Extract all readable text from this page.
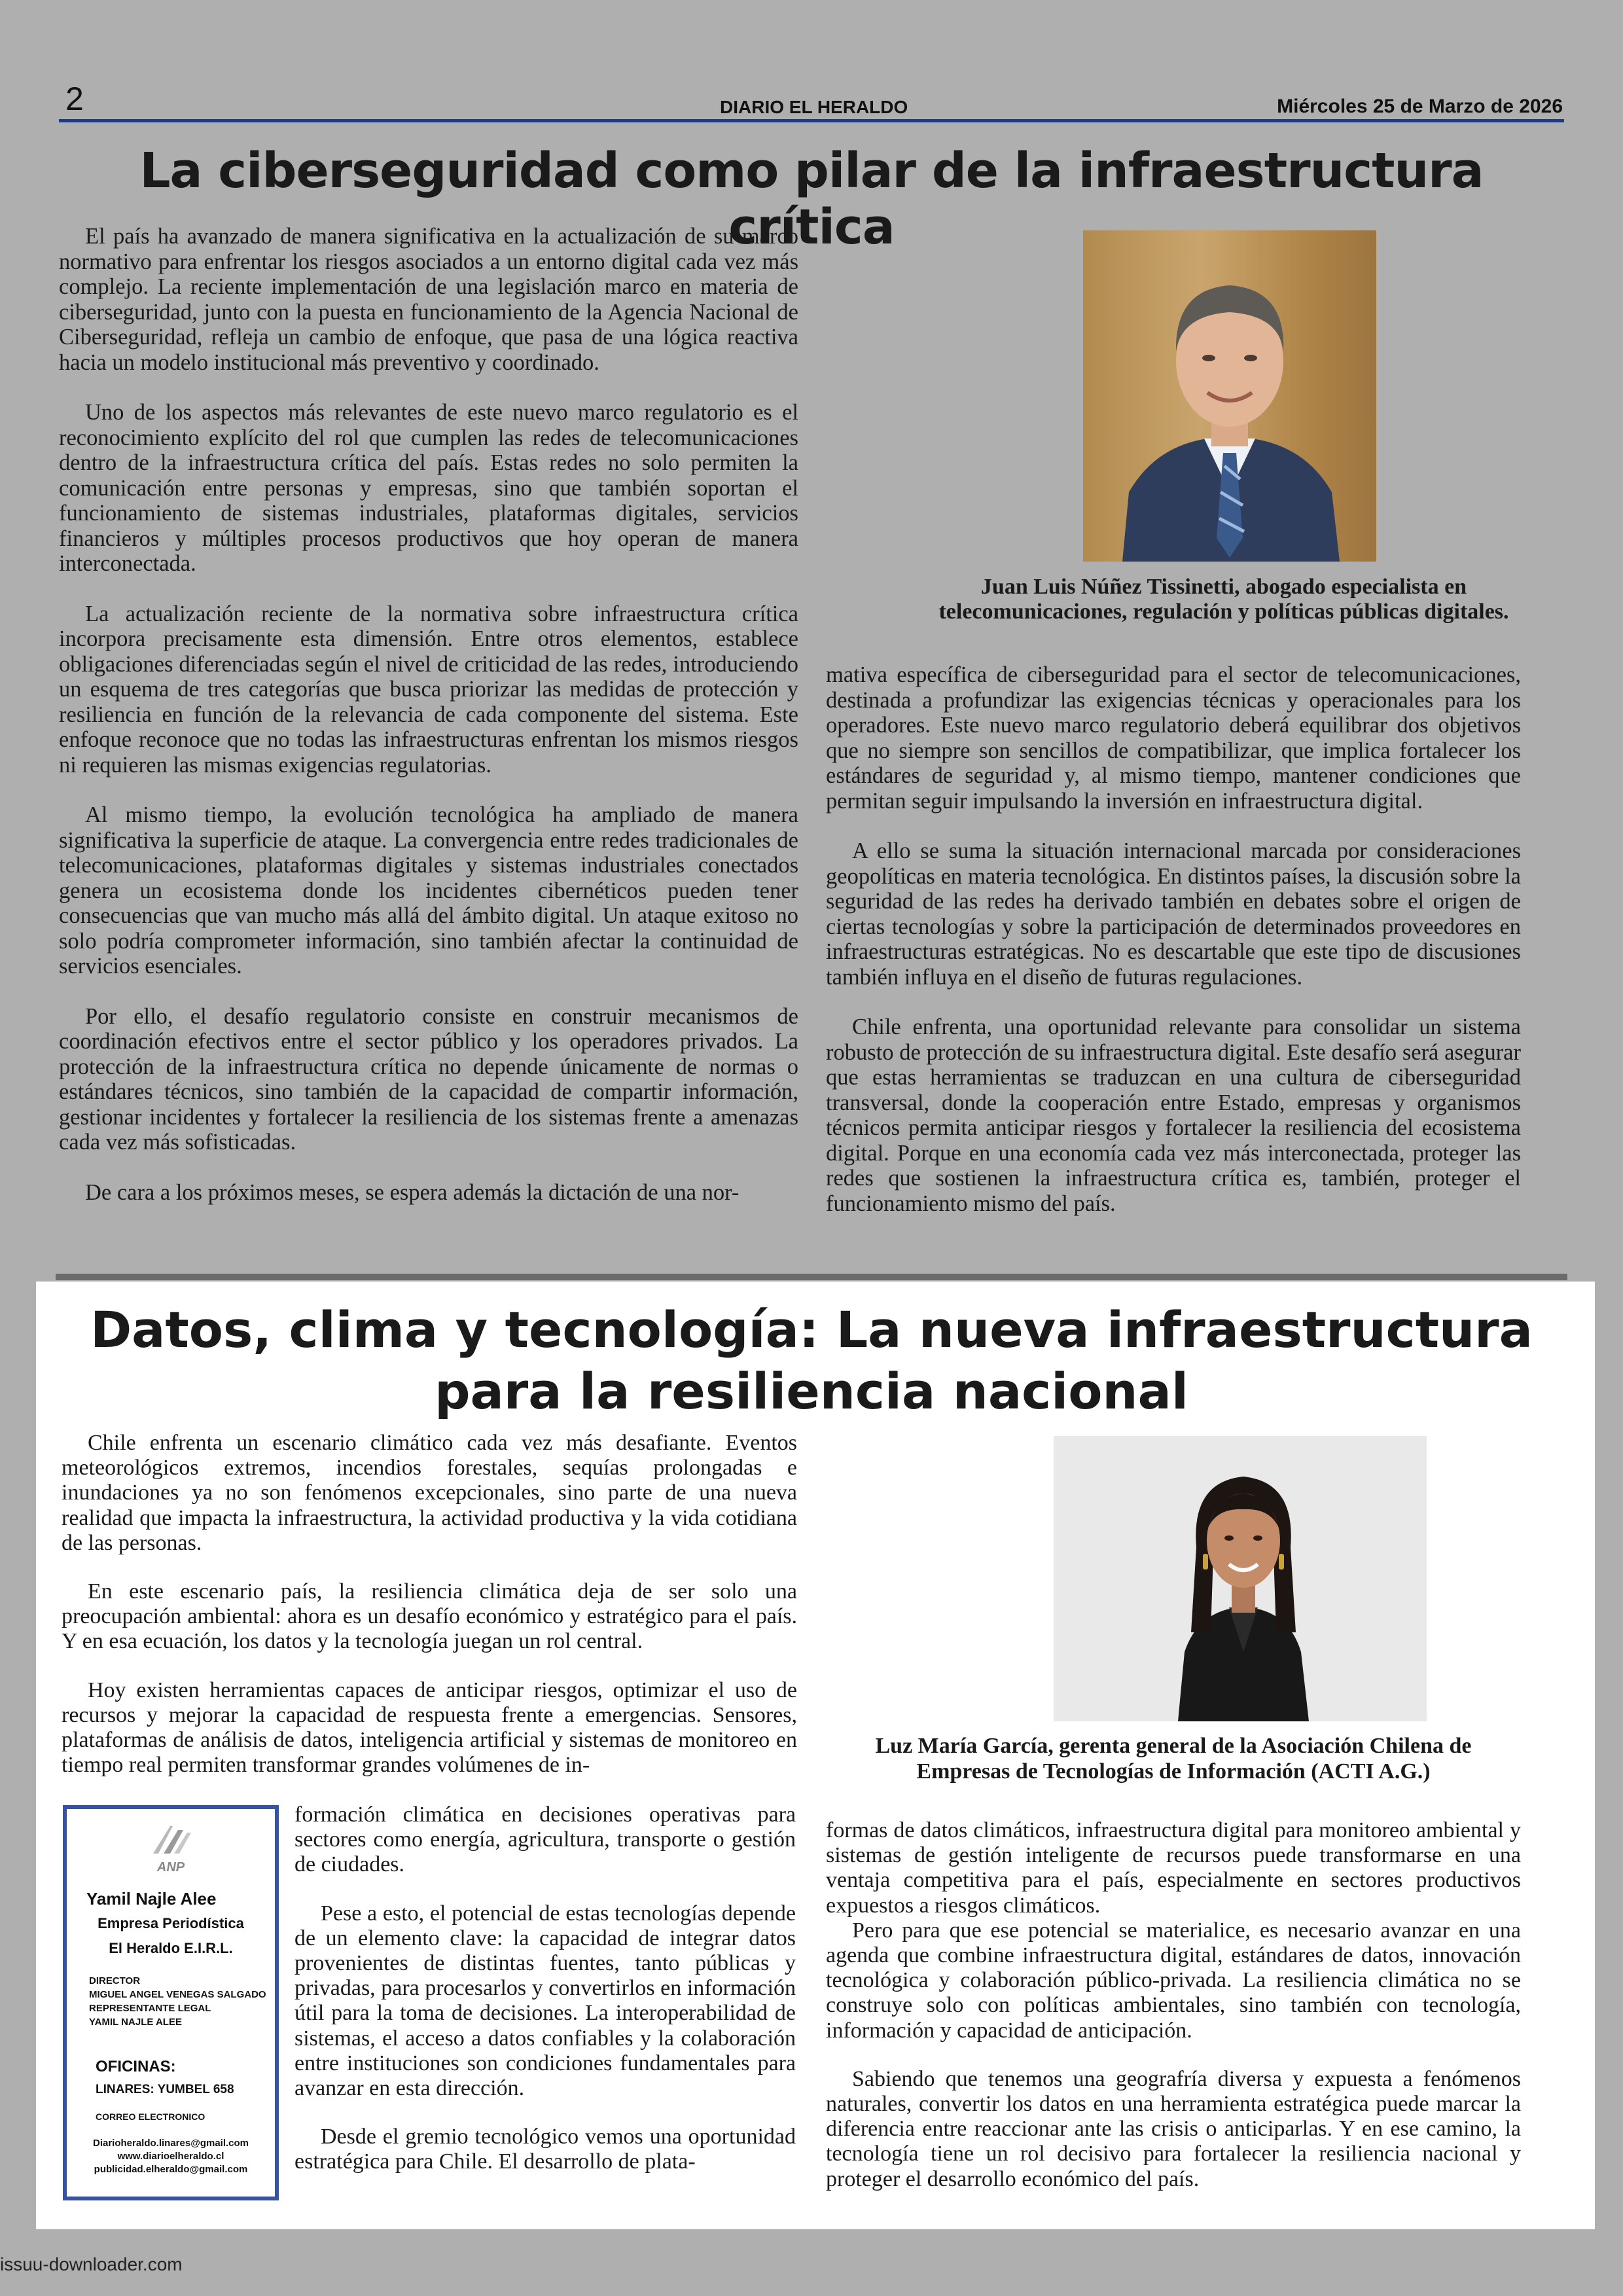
2	DIARIO EL HERALDO	Miércoles 25 de Marzo de 2026
La ciberseguridad como pilar de la infraestructura crítica

El país ha avanzado de manera significativa en la actualización de su marco normativo para enfrentar los riesgos asociados a un entorno digital cada vez más complejo. La reciente implementación de una legislación marco en materia de ciberseguridad, junto con la puesta en funcionamiento de la Agencia Nacional de Ciberseguridad, refleja un cambio de enfoque, que pasa de una lógica reactiva hacia un modelo institucional más preventivo y coordinado.

Uno de los aspectos más relevantes de este nuevo marco regulatorio es el reconocimiento explícito del rol que cumplen las redes de telecomunicaciones dentro de la infraestructura crítica del país. Estas redes no solo permiten la comunicación entre personas y empresas, sino que también soportan el funcionamiento de sistemas industriales, plataformas digitales, servicios financieros y múltiples procesos productivos que hoy operan de manera interconectada.

La actualización reciente de la normativa sobre infraestructura crítica incorpora precisamente esta dimensión. Entre otros elementos, establece obligaciones diferenciadas según el nivel de criticidad de las redes, introduciendo un esquema de tres categorías que busca priorizar las medidas de protección y resiliencia en función de la relevancia de cada componente del sistema. Este enfoque reconoce que no todas las infraestructuras enfrentan los mismos riesgos ni requieren las mismas exigencias regulatorias.

Al mismo tiempo, la evolución tecnológica ha ampliado de manera significativa la superficie de ataque. La convergencia entre redes tradicionales de telecomunicaciones, plataformas digitales y sistemas industriales conectados genera un ecosistema donde los incidentes cibernéticos pueden tener consecuencias que van mucho más allá del ámbito digital. Un ataque exitoso no solo podría comprometer información, sino también afectar la continuidad de servicios esenciales.

Por ello, el desafío regulatorio consiste en construir mecanismos de coordinación efectivos entre el sector público y los operadores privados. La protección de la infraestructura crítica no depende únicamente de normas o estándares técnicos, sino también de la capacidad de compartir información, gestionar incidentes y fortalecer la resiliencia de los sistemas frente a amenazas cada vez más sofisticadas.

De cara a los próximos meses, se espera además la dictación de una nor-

Juan Luis Núñez Tissinetti, abogado especialista en telecomunicaciones, regulación y políticas públicas digitales.

mativa específica de ciberseguridad para el sector de telecomunicaciones, destinada a profundizar las exigencias técnicas y operacionales para los operadores. Este nuevo marco regulatorio deberá equilibrar dos objetivos que no siempre son sencillos de compatibilizar, que implica fortalecer los estándares de seguridad y, al mismo tiempo, mantener condiciones que permitan seguir impulsando la inversión en infraestructura digital.

A ello se suma la situación internacional marcada por consideraciones geopolíticas en materia tecnológica. En distintos países, la discusión sobre la seguridad de las redes ha derivado también en debates sobre el origen de ciertas tecnologías y sobre la participación de determinados proveedores en infraestructuras estratégicas. No es descartable que este tipo de discusiones también influya en el diseño de futuras regulaciones.

Chile enfrenta, una oportunidad relevante para consolidar un sistema robusto de protección de su infraestructura digital. Este desafío será asegurar que estas herramientas se traduzcan en una cultura de ciberseguridad transversal, donde la cooperación entre Estado, empresas y organismos técnicos permita anticipar riesgos y fortalecer la resiliencia del ecosistema digital. Porque en una economía cada vez más interconectada, proteger las redes que sostienen la infraestructura crítica es, también, proteger el funcionamiento mismo del país.

Datos, clima y tecnología: La nueva infraestructura
para la resiliencia nacional

Chile enfrenta un escenario climático cada vez más desafiante. Eventos meteorológicos extremos, incendios forestales, sequías prolongadas e inundaciones ya no son fenómenos excepcionales, sino parte de una nueva realidad que impacta la infraestructura, la actividad productiva y la vida cotidiana de las personas.

En este escenario país, la resiliencia climática deja de ser solo una preocupación ambiental: ahora es un desafío económico y estratégico para el país. Y en esa ecuación, los datos y la tecnología juegan un rol central.

Hoy existen herramientas capaces de anticipar riesgos, optimizar el uso de recursos y mejorar la capacidad de respuesta frente a emergencias. Sensores, plataformas de análisis de datos, inteligencia artificial y sistemas de monitoreo en tiempo real permiten transformar grandes volúmenes de in-

formación climática en decisiones operativas para sectores como energía, agricultura, transporte o gestión de ciudades.

Pese a esto, el potencial de estas tecnologías depende de un elemento clave: la capacidad de integrar datos provenientes de distintas fuentes, tanto públicas y privadas, para procesarlos y convertirlos en información útil para la toma de decisiones. La interoperabilidad de sistemas, el acceso a datos confiables y la colaboración entre instituciones son condiciones fundamentales para avanzar en esta dirección.

Desde el gremio tecnológico vemos una oportunidad estratégica para Chile. El desarrollo de plata-

ANP
Yamil Najle Alee
Empresa Periodística
El Heraldo E.I.R.L.
DIRECTOR
MIGUEL ANGEL VENEGAS SALGADO
REPRESENTANTE LEGAL
YAMIL NAJLE ALEE
OFICINAS:
LINARES: YUMBEL 658
CORREO ELECTRONICO
Diarioheraldo.linares@gmail.com
www.diarioelheraldo.cl
publicidad.elheraldo@gmail.com
Luz María García, gerenta general de la Asociación Chilena de Empresas de Tecnologías de Información (ACTI A.G.)

formas de datos climáticos, infraestructura digital para monitoreo ambiental y sistemas de gestión inteligente de recursos puede transformarse en una ventaja competitiva para el país, especialmente en sectores productivos expuestos a riesgos climáticos.

Pero para que ese potencial se materialice, es necesario avanzar en una agenda que combine infraestructura digital, estándares de datos, innovación tecnológica y colaboración público-privada. La resiliencia climática no se construye solo con políticas ambientales, sino también con tecnología, información y capacidad de anticipación.

Sabiendo que tenemos una geografría diversa y expuesta a fenómenos naturales, convertir los datos en una herramienta estratégica puede marcar la diferencia entre reaccionar ante las crisis o anticiparlas. Y en ese camino, la tecnología tiene un rol decisivo para fortalecer la resiliencia nacional y proteger el desarrollo económico del país.

issuu-downloader.com
